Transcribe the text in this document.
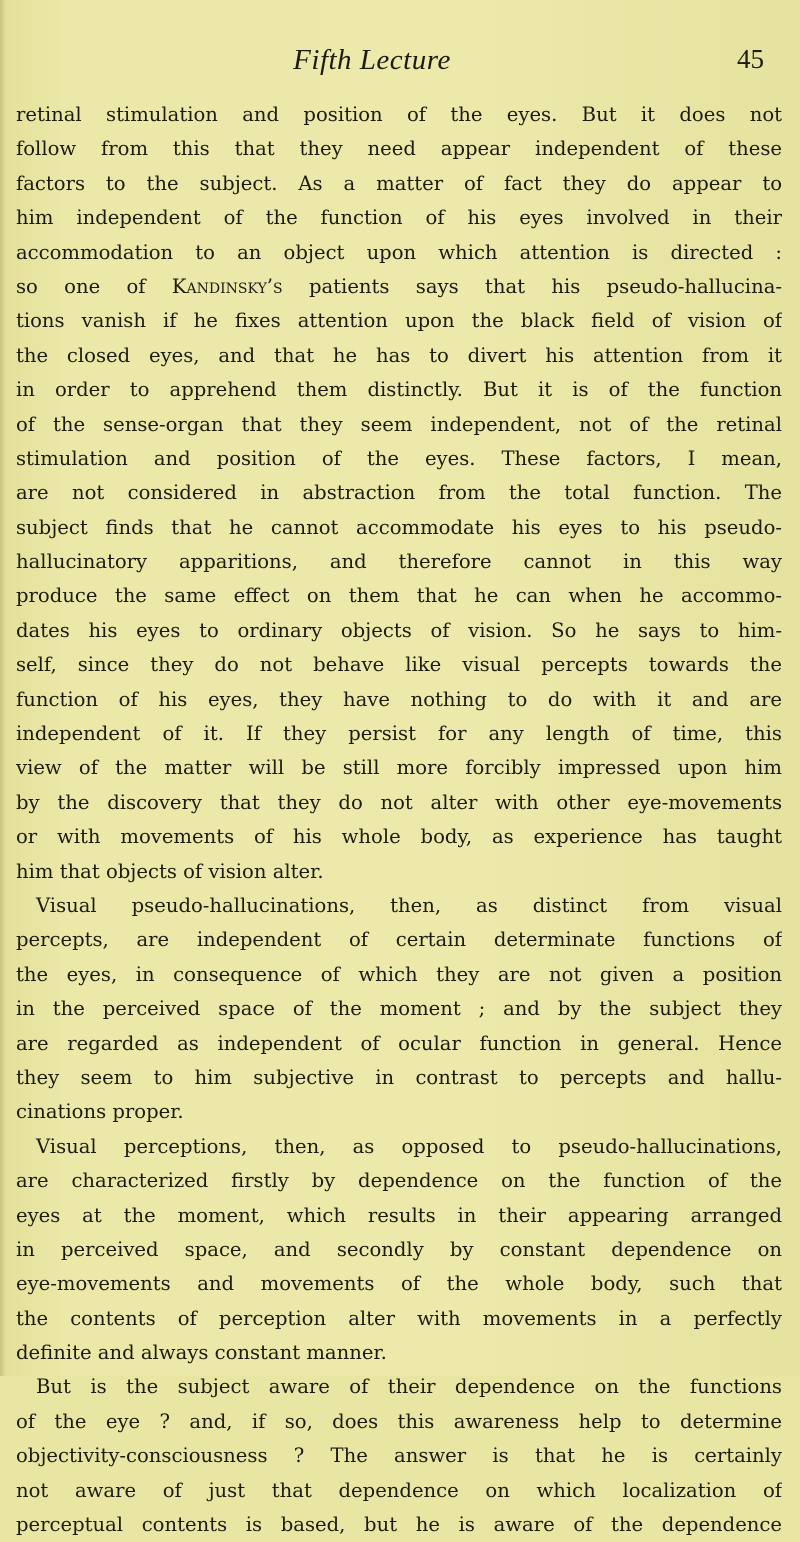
Fifth Lecture	45
retinal stimulation and position of the eyes. But it does not
follow from this that they need appear independent of these
factors to the subject. As a matter of fact they do appear to
him independent of the function of his eyes involved in their
accommodation to an object upon which attention is directed :
so one of Kandinsky’s patients says that his pseudo-hallucina-
tions vanish if he fixes attention upon the black field of vision of
the closed eyes, and that he has to divert his attention from it
in order to apprehend them distinctly. But it is of the function
of the sense-organ that they seem independent, not of the retinal
stimulation and position of the eyes. These factors, I mean,
are not considered in abstraction from the total function. The
subject finds that he cannot accommodate his eyes to his pseudo-
hallucinatory apparitions, and therefore cannot in this way
produce the same effect on them that he can when he accommo-
dates his eyes to ordinary objects of vision. So he says to him-
self, since they do not behave like visual percepts towards the
function of his eyes, they have nothing to do with it and are
independent of it. If they persist for any length of time, this
view of the matter will be still more forcibly impressed upon him
by the discovery that they do not alter with other eye-movements
or with movements of his whole body, as experience has taught
him that objects of vision alter.
Visual pseudo-hallucinations, then, as distinct from visual
percepts, are independent of certain determinate functions of
the eyes, in consequence of which they are not given a position
in the perceived space of the moment ; and by the subject they
are regarded as independent of ocular function in general. Hence
they seem to him subjective in contrast to percepts and hallu-
cinations proper.
Visual perceptions, then, as opposed to pseudo-hallucinations,
are characterized firstly by dependence on the function of the
eyes at the moment, which results in their appearing arranged
in perceived space, and secondly by constant dependence on
eye-movements and movements of the whole body, such that
the contents of perception alter with movements in a perfectly
definite and always constant manner.
But is the subject aware of their dependence on the functions
of the eye ? and, if so, does this awareness help to determine
objectivity-consciousness ? The answer is that he is certainly
not aware of just that dependence on which localization of
perceptual contents is based, but he is aware of the dependence
